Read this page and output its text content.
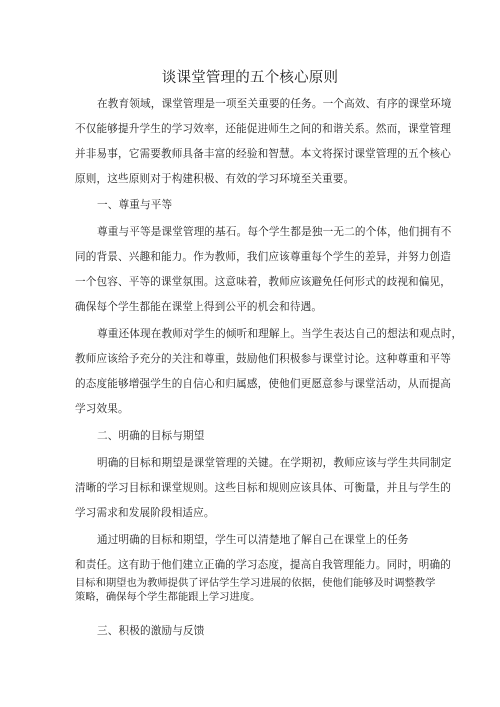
谈课堂管理的五个核心原则
在教育领域，课堂管理是一项至关重要的任务。一个高效、有序的课堂环境
不仅能够提升学生的学习效率，还能促进师生之间的和谐关系。然而，课堂管理
并非易事，它需要教师具备丰富的经验和智慧。本文将探讨课堂管理的五个核心
原则，这些原则对于构建积极、有效的学习环境至关重要。
一、尊重与平等
尊重与平等是课堂管理的基石。每个学生都是独一无二的个体，他们拥有不
同的背景、兴趣和能力。作为教师，我们应该尊重每个学生的差异，并努力创造
一个包容、平等的课堂氛围。这意味着，教师应该避免任何形式的歧视和偏见，
确保每个学生都能在课堂上得到公平的机会和待遇。
尊重还体现在教师对学生的倾听和理解上。当学生表达自己的想法和观点时，
教师应该给予充分的关注和尊重，鼓励他们积极参与课堂讨论。这种尊重和平等
的态度能够增强学生的自信心和归属感，使他们更愿意参与课堂活动，从而提高
学习效果。
二、明确的目标与期望
明确的目标和期望是课堂管理的关键。在学期初，教师应该与学生共同制定
清晰的学习目标和课堂规则。这些目标和规则应该具体、可衡量，并且与学生的
学习需求和发展阶段相适应。
通过明确的目标和期望，学生可以清楚地了解自己在课堂上的任务
和责任。这有助于他们建立正确的学习态度，提高自我管理能力。同时，明确的
目标和期望也为教师提供了评估学生学习进展的依据，使他们能够及时调整教学
策略，确保每个学生都能跟上学习进度。
三、积极的激励与反馈
